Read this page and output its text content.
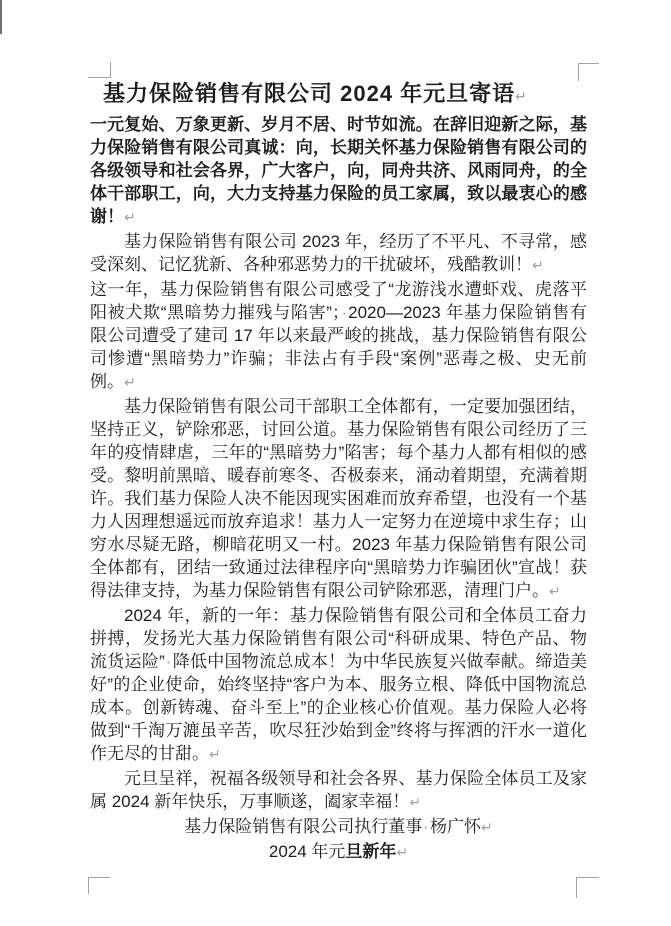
基力保险销售有限公司 2024 年元旦寄语↵

一元复始、万象更新、岁月不居、时节如流。在辞旧迎新之际，基力保险销售有限公司真诚：向，长期关怀基力保险销售有限公司的各级领导和社会各界，广大客户，向，同舟共济、风雨同舟，的全体干部职工，向，大力支持基力保险的员工家属，致以最衷心的感谢！↵

基力保险销售有限公司 2023 年，经历了不平凡、不寻常，感受深刻、记忆犹新、各种邪恶势力的干扰破坏，残酷教训！↵

这一年，基力保险销售有限公司感受了“龙游浅水遭虾戏、虎落平阳被犬欺“黑暗势力摧残与陷害”；·2020—2023 年基力保险销售有限公司遭受了建司 17 年以来最严峻的挑战，基力保险销售有限公司惨遭“黑暗势力”诈骗；非法占有手段“案例”恶毒之极、史无前例。↵

基力保险销售有限公司干部职工全体都有，一定要加强团结，坚持正义，铲除邪恶，讨回公道。基力保险销售有限公司经历了三年的疫情肆虐，三年的“黑暗势力”陷害；每个基力人都有相似的感受。黎明前黑暗、暖春前寒冬、否极泰来，涌动着期望，充满着期许。我们基力保险人决不能因现实困难而放弃希望，也没有一个基力人因理想遥远而放弃追求！基力人一定努力在逆境中求生存；山穷水尽疑无路，柳暗花明又一村。2023 年基力保险销售有限公司全体都有，团结一致通过法律程序向“黑暗势力诈骗团伙”宣战！获得法律支持，为基力保险销售有限公司铲除邪恶，清理门户。↵

2024 年，新的一年：基力保险销售有限公司和全体员工奋力拼搏，发扬光大基力保险销售有限公司“科研成果、特色产品、物流货运险”·降低中国物流总成本！为中华民族复兴做奉献。缔造美好”的企业使命，始终坚持“客户为本、服务立根、降低中国物流总成本。创新铸魂、奋斗至上”的企业核心价值观。基力保险人必将做到“千淘万漉虽辛苦，吹尽狂沙始到金”终将与挥洒的汗水一道化作无尽的甘甜。↵

元旦呈祥，祝福各级领导和社会各界、基力保险全体员工及家属 2024 新年快乐，万事顺遂，阖家幸福！↵

基力保险销售有限公司执行董事·杨广怀↵

2024 年元旦新年↵
